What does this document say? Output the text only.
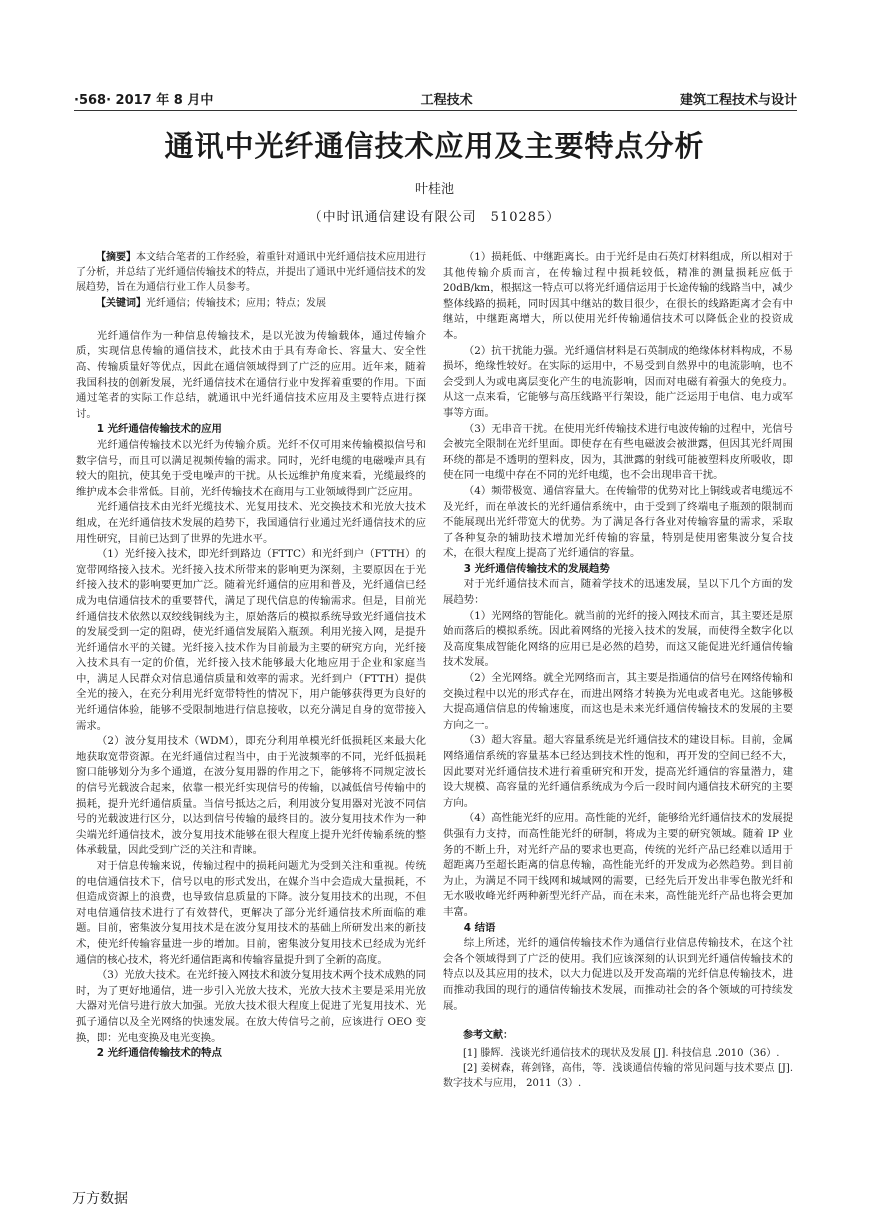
·568· 2017 年 8 月中	工程技术	建筑工程技术与设计
通讯中光纤通信技术应用及主要特点分析
叶桂池
（中时讯通信建设有限公司　510285）

【摘要】本文结合笔者的工作经验，着重针对通讯中光纤通信技术应用进行了分析，并总结了光纤通信传输技术的特点，并提出了通讯中光纤通信技术的发展趋势，旨在为通信行业工作人员参考。

【关键词】光纤通信；传输技术；应用；特点；发展

光纤通信作为一种信息传输技术，是以光波为传输载体，通过传输介质，实现信息传输的通信技术，此技术由于具有寿命长、容量大、安全性高、传输质量好等优点，因此在通信领域得到了广泛的应用。近年来，随着我国科技的创新发展，光纤通信技术在通信行业中发挥着重要的作用。下面通过笔者的实际工作总结，就通讯中光纤通信技术应用及主要特点进行探讨。

1 光纤通信传输技术的应用

光纤通信传输技术以光纤为传输介质。光纤不仅可用来传输模拟信号和数字信号，而且可以满足视频传输的需求。同时，光纤电缆的电磁噪声具有较大的阻抗，使其免于受电噪声的干扰。从长远维护角度来看，光缆最终的维护成本会非常低。目前，光纤传输技术在商用与工业领域得到广泛应用。

光纤通信技术由光纤光缆技术、光复用技术、光交换技术和光放大技术组成，在光纤通信技术发展的趋势下，我国通信行业通过光纤通信技术的应用性研究，目前已达到了世界的先进水平。

（1）光纤接入技术，即光纤到路边（FTTC）和光纤到户（FTTH）的宽带网络接入技术。光纤接入技术所带来的影响更为深刻，主要原因在于光纤接入技术的影响要更加广泛。随着光纤通信的应用和普及，光纤通信已经成为电信通信技术的重要替代，满足了现代信息的传输需求。但是，目前光纤通信技术依然以双绞线铜线为主，原始落后的模拟系统导致光纤通信技术的发展受到一定的阻碍，使光纤通信发展陷入瓶颈。利用光接入网，是提升光纤通信水平的关键。光纤接入技术作为目前最为主要的研究方向，光纤接入技术具有一定的价值，光纤接入技术能够最大化地应用于企业和家庭当中，满足人民群众对信息通信质量和效率的需求。光纤到户（FTTH）提供全光的接入，在充分利用光纤宽带特性的情况下，用户能够获得更为良好的光纤通信体验，能够不受限制地进行信息接收，以充分满足自身的宽带接入需求。

（2）波分复用技术（WDM），即充分利用单模光纤低损耗区来最大化地获取宽带资源。在光纤通信过程当中，由于光波频率的不同，光纤低损耗窗口能够划分为多个通道，在波分复用器的作用之下，能够将不同规定波长的信号光载波合起来，依靠一根光纤实现信号的传输，以减低信号传输中的损耗，提升光纤通信质量。当信号抵达之后，利用波分复用器对光波不同信号的光载波进行区分，以达到信号传输的最终目的。波分复用技术作为一种尖端光纤通信技术，波分复用技术能够在很大程度上提升光纤传输系统的整体承载量，因此受到广泛的关注和青睐。

对于信息传输来说，传输过程中的损耗问题尤为受到关注和重视。传统的电信通信技术下，信号以电的形式发出，在媒介当中会造成大量损耗，不但造成资源上的浪费，也导致信息质量的下降。波分复用技术的出现，不但对电信通信技术进行了有效替代，更解决了部分光纤通信技术所面临的难题。目前，密集波分复用技术是在波分复用技术的基础上所研发出来的新技术，使光纤传输容量进一步的增加。目前，密集波分复用技术已经成为光纤通信的核心技术，将光纤通信距离和传输容量提升到了全新的高度。

（3）光放大技术。在光纤接入网技术和波分复用技术两个技术成熟的同时，为了更好地通信，进一步引入光放大技术，光放大技术主要是采用光放大器对光信号进行放大加强。光放大技术很大程度上促进了光复用技术、光孤子通信以及全光网络的快速发展。在放大传信号之前，应该进行 OEO 变换，即：光电变换及电光变换。

2 光纤通信传输技术的特点

（1）损耗低、中继距离长。由于光纤是由石英灯材料组成，所以相对于其他传输介质而言，在传输过程中损耗较低，精准的测量损耗应低于 20dB/km，根据这一特点可以将光纤通信运用于长途传输的线路当中，减少整体线路的损耗，同时因其中继站的数目很少，在很长的线路距离才会有中继站，中继距离增大，所以使用光纤传输通信技术可以降低企业的投资成本。

（2）抗干扰能力强。光纤通信材料是石英制成的绝缘体材料构成，不易损坏，绝缘性较好。在实际的运用中，不易受到自然界中的电流影响，也不会受到人为或电离层变化产生的电流影响，因而对电磁有着强大的免疫力。从这一点来看，它能够与高压线路平行架设，能广泛运用于电信、电力或军事等方面。

（3）无串音干扰。在使用光纤传输技术进行电波传输的过程中，光信号会被完全限制在光纤里面。即使存在有些电磁波会被泄露，但因其光纤周围环绕的都是不透明的塑料皮，因为，其泄露的射线可能被塑料皮所吸收，即使在同一电缆中存在不同的光纤电缆，也不会出现串音干扰。

（4）频带极宽、通信容量大。在传输带的优势对比上铜线或者电缆远不及光纤，而在单波长的光纤通信系统中，由于受到了终端电子瓶颈的限制而不能展现出光纤带宽大的优势。为了满足各行各业对传输容量的需求，采取了各种复杂的辅助技术增加光纤传输的容量，特别是使用密集波分复合技术，在很大程度上提高了光纤通信的容量。

3 光纤通信传输技术的发展趋势

对于光纤通信技术而言，随着学技术的迅速发展，呈以下几个方面的发展趋势：

（1）光网络的智能化。就当前的光纤的接入网技术而言，其主要还是原始而落后的模拟系统。因此着网络的光接入技术的发展，而使得全数字化以及高度集成智能化网络的应用已是必然的趋势，而这又能促进光纤通信传输技术发展。

（2）全光网络。就全光网络而言，其主要是指通信的信号在网络传输和交换过程中以光的形式存在，而进出网络才转换为光电或者电光。这能够极大提高通信信息的传输速度，而这也是未来光纤通信传输技术的发展的主要方向之一。

（3）超大容量。超大容量系统是光纤通信技术的建设目标。目前，金属网络通信系统的容量基本已经达到技术性的饱和，再开发的空间已经不大，因此要对光纤通信技术进行着重研究和开发，提高光纤通信的容量潜力，建设大规模、高容量的光纤通信系统成为今后一段时间内通信技术研究的主要方向。

（4）高性能光纤的应用。高性能的光纤，能够给光纤通信技术的发展提供强有力支持，而高性能光纤的研制，将成为主要的研究领域。随着 IP 业务的不断上升，对光纤产品的要求也更高，传统的光纤产品已经难以适用于超距离乃至超长距离的信息传输，高性能光纤的开发成为必然趋势。到目前为止，为满足不同干线网和城域网的需要，已经先后开发出非零色散光纤和无水吸收峰光纤两种新型光纤产品，而在未来，高性能光纤产品也将会更加丰富。

4 结语

综上所述，光纤的通信传输技术作为通信行业信息传输技术，在这个社会各个领域得到了广泛的使用。我们应该深刻的认识到光纤通信传输技术的特点以及其应用的技术，以大力促进以及开发高端的光纤信息传输技术，进而推动我国的现行的通信传输技术发展，而推动社会的各个领域的可持续发展。

参考文献：

[1] 滕辉．浅谈光纤通信技术的现状及发展 [J]. 科技信息 .2010（36）.

[2] 姜树森，蒋剑锋，高伟，等．浅谈通信传输的常见问题与技术要点 [J]. 数字技术与应用， 2011（3）.

万方数据
